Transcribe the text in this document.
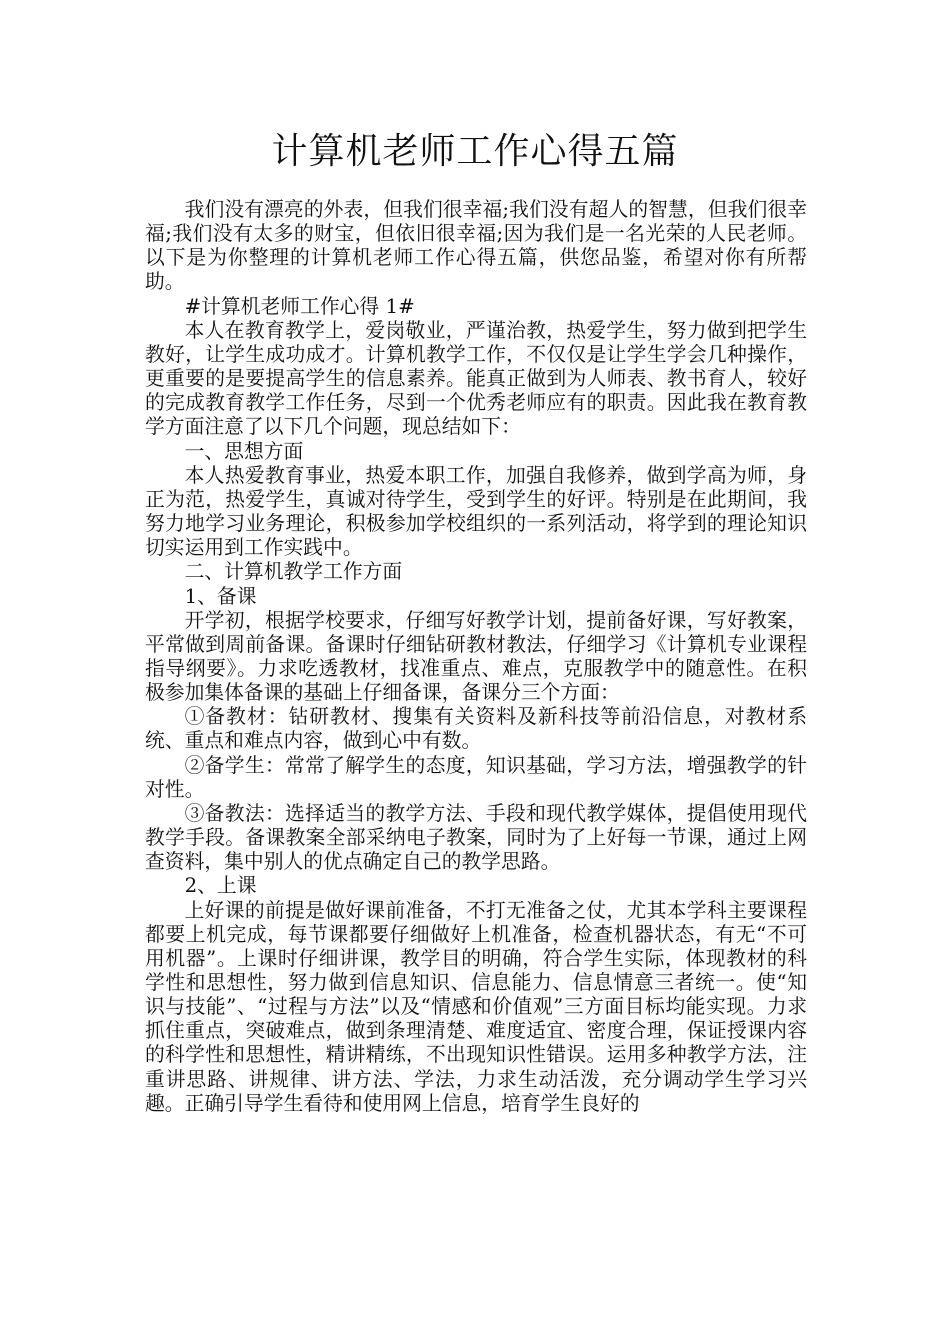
计算机老师工作心得五篇

我们没有漂亮的外表，但我们很幸福;我们没有超人的智慧，但我们很幸福;我们没有太多的财宝，但依旧很幸福;因为我们是一名光荣的人民老师。以下是为你整理的计算机老师工作心得五篇，供您品鉴，希望对你有所帮助。

#计算机老师工作心得 1#

本人在教育教学上，爱岗敬业，严谨治教，热爱学生，努力做到把学生教好，让学生成功成才。计算机教学工作，不仅仅是让学生学会几种操作，更重要的是要提高学生的信息素养。能真正做到为人师表、教书育人，较好的完成教育教学工作任务，尽到一个优秀老师应有的职责。因此我在教育教学方面注意了以下几个问题，现总结如下：

一、思想方面

本人热爱教育事业，热爱本职工作，加强自我修养，做到学高为师，身正为范，热爱学生，真诚对待学生，受到学生的好评。特别是在此期间，我努力地学习业务理论，积极参加学校组织的一系列活动，将学到的理论知识切实运用到工作实践中。

二、计算机教学工作方面

1、备课

开学初，根据学校要求，仔细写好教学计划，提前备好课，写好教案，平常做到周前备课。备课时仔细钻研教材教法，仔细学习《计算机专业课程指导纲要》。力求吃透教材，找准重点、难点，克服教学中的随意性。在积极参加集体备课的基础上仔细备课，备课分三个方面：

①备教材：钻研教材、搜集有关资料及新科技等前沿信息，对教材系统、重点和难点内容，做到心中有数。

②备学生：常常了解学生的态度，知识基础，学习方法，增强教学的针对性。

③备教法：选择适当的教学方法、手段和现代教学媒体，提倡使用现代教学手段。备课教案全部采纳电子教案，同时为了上好每一节课，通过上网查资料，集中别人的优点确定自己的教学思路。

2、上课

上好课的前提是做好课前准备，不打无准备之仗，尤其本学科主要课程都要上机完成，每节课都要仔细做好上机准备，检查机器状态，有无“不可用机器”。上课时仔细讲课，教学目的明确，符合学生实际，体现教材的科学性和思想性，努力做到信息知识、信息能力、信息情意三者统一。使“知识与技能”、“过程与方法”以及“情感和价值观”三方面目标均能实现。力求抓住重点，突破难点，做到条理清楚、难度适宜、密度合理，保证授课内容的科学性和思想性，精讲精练，不出现知识性错误。运用多种教学方法，注重讲思路、讲规律、讲方法、学法，力求生动活泼，充分调动学生学习兴趣。正确引导学生看待和使用网上信息，培育学生良好的
